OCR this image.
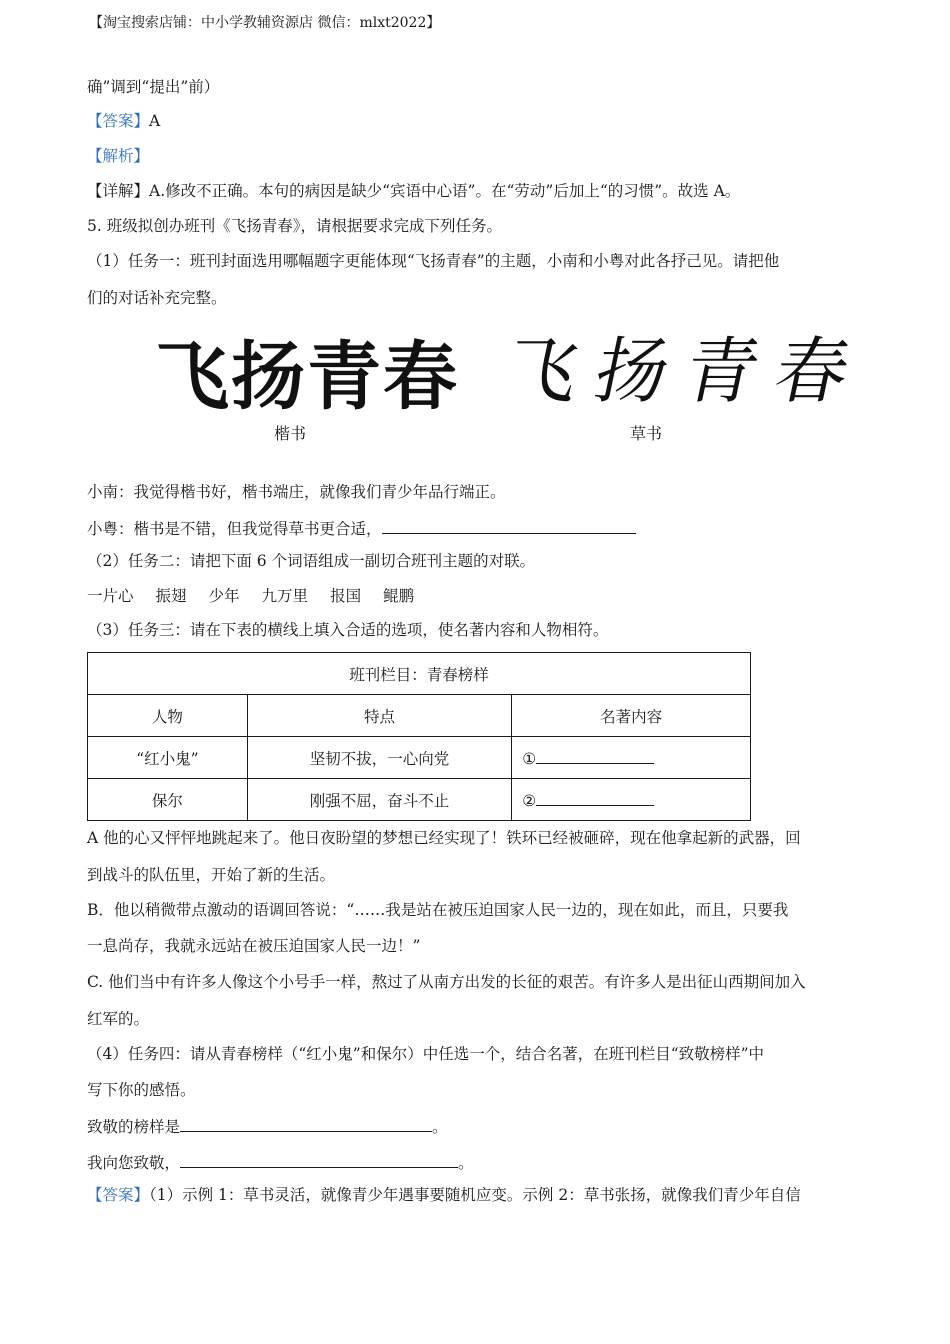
【淘宝搜索店铺：中小学教辅资源店 微信：mlxt2022】
确”调到“提出”前）
【答案】A
【解析】
【详解】A.修改不正确。本句的病因是缺少“宾语中心语”。在“劳动”后加上“的习惯”。故选 A。
5. 班级拟创办班刊《飞扬青春》，请根据要求完成下列任务。
（1）任务一：班刊封面选用哪幅题字更能体现“飞扬青春”的主题，小南和小粤对此各抒己见。请把他
们的对话补充完整。
飞扬青春 飞扬青春
楷书	草书
小南：我觉得楷书好，楷书端庄，就像我们青少年品行端正。
小粤：楷书是不错，但我觉得草书更合适，
（2）任务二：请把下面 6 个词语组成一副切合班刊主题的对联。
一片心 振翅 少年 九万里 报国 鲲鹏
（3）任务三：请在下表的横线上填入合适的选项，使名著内容和人物相符。
班刊栏目：青春榜样		
人物	特点	名著内容
“红小鬼”	坚韧不拔，一心向党	①
保尔	刚强不屈，奋斗不止	②
A 他的心又怦怦地跳起来了。他日夜盼望的梦想已经实现了！铁环已经被砸碎，现在他拿起新的武器，回
到战斗的队伍里，开始了新的生活。
B．他以稍微带点激动的语调回答说：“……我是站在被压迫国家人民一边的，现在如此，而且，只要我
一息尚存，我就永远站在被压迫国家人民一边！”
C. 他们当中有许多人像这个小号手一样，熬过了从南方出发的长征的艰苦。有许多人是出征山西期间加入
红军的。
（4）任务四：请从青春榜样（“红小鬼”和保尔）中任选一个，结合名著，在班刊栏目“致敬榜样”中
写下你的感悟。
致敬的榜样是	。
我向您致敬，	。
【答案】（1）示例 1：草书灵活，就像青少年遇事要随机应变。示例 2：草书张扬，就像我们青少年自信
